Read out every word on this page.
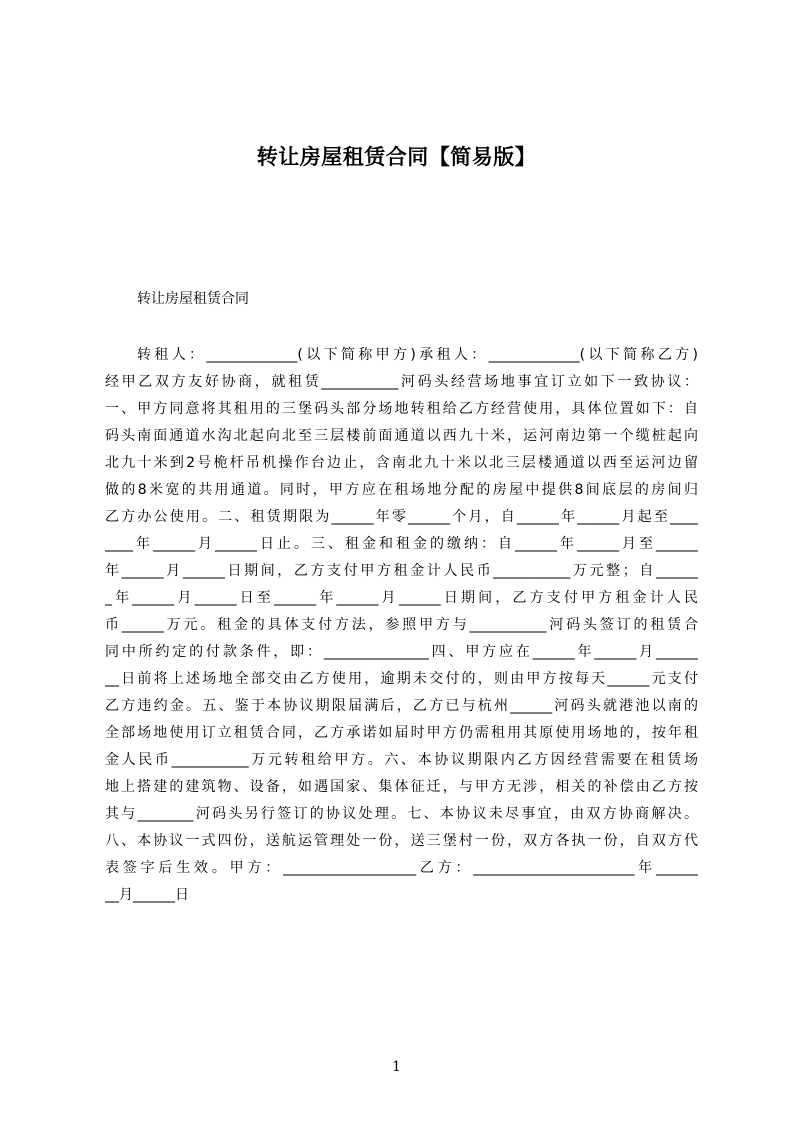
转让房屋租赁合同【简易版】
转让房屋租赁合同
转租人：_____________(以下简称甲方)承租人：_____________(以下简称乙方)
经甲乙双方友好协商，就租赁___________河码头经营场地事宜订立如下一致协议：
一、甲方同意将其租用的三堡码头部分场地转租给乙方经营使用，具体位置如下：自
码头南面通道水沟北起向北至三层楼前面通道以西九十米，运河南边第一个缆桩起向
北九十米到2号桅杆吊机操作台边止，含南北九十米以北三层楼通道以西至运河边留
做的8米宽的共用通道。同时，甲方应在租场地分配的房屋中提供8间底层的房间归
乙方办公使用。二、租赁期限为______年零______个月，自______年______月起至____
____年______月______日止。三、租金和租金的缴纳：自______年______月至______
年______月______日期间，乙方支付甲方租金计人民币___________万元整；自______
_年______月______日至______年______月______日期间，乙方支付甲方租金计人民
币______万元。租金的具体支付方法，参照甲方与___________河码头签订的租赁合
同中所约定的付款条件，即：_______________四、甲方应在______年______月______
__日前将上述场地全部交由乙方使用，逾期未交付的，则由甲方按每天______元支付
乙方违约金。五、鉴于本协议期限届满后，乙方已与杭州______河码头就港池以南的
全部场地使用订立租赁合同，乙方承诺如届时甲方仍需租用其原使用场地的，按年租
金人民币___________万元转租给甲方。六、本协议期限内乙方因经营需要在租赁场
地上搭建的建筑物、设备，如遇国家、集体征迁，与甲方无涉，相关的补偿由乙方按
其与________河码头另行签订的协议处理。七、本协议未尽事宜，由双方协商解决。
八、本协议一式四份，送航运管理处一份，送三堡村一份，双方各执一份，自双方代
表签字后生效。甲方：___________________乙方：_______________________年______
__月______日
1
